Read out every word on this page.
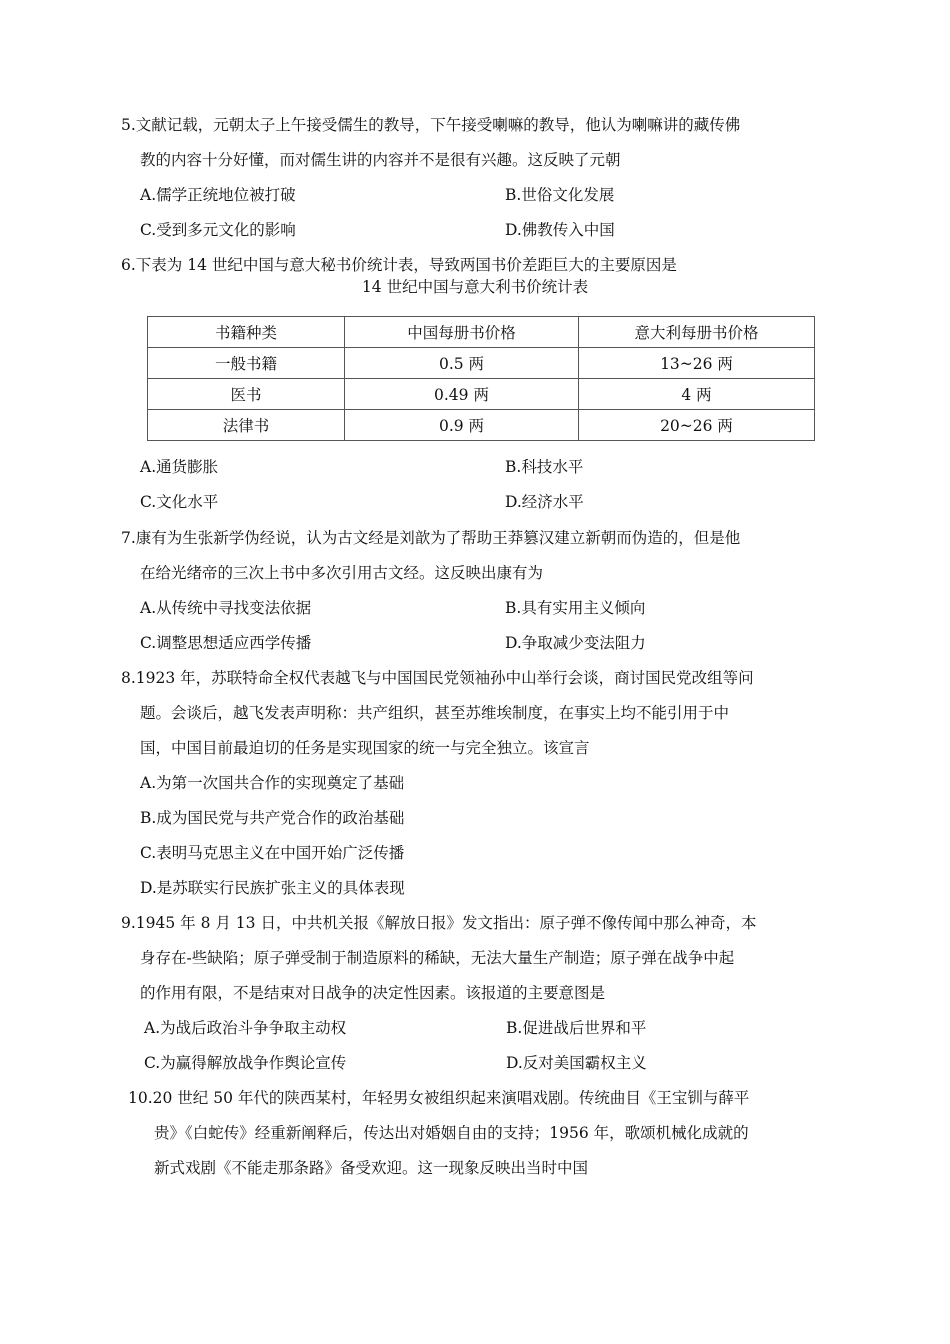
5.文献记载，元朝太子上午接受儒生的教导，下午接受喇嘛的教导，他认为喇嘛讲的藏传佛
教的内容十分好懂，而对儒生讲的内容并不是很有兴趣。这反映了元朝
A.儒学正统地位被打破	B.世俗文化发展
C.受到多元文化的影响	D.佛教传入中国
6.下表为 14 世纪中国与意大秘书价统计表，导致两国书价差距巨大的主要原因是
14 世纪中国与意大利书价统计表
书籍种类	中国每册书价格	意大利每册书价格
一般书籍	0.5 两	13~26 两
医书	0.49 两	4 两
法律书	0.9 两	20~26 两
A.通货膨胀	B.科技水平
C.文化水平	D.经济水平
7.康有为生张新学伪经说，认为古文经是刘歆为了帮助王莽篡汉建立新朝而伪造的，但是他
在给光绪帝的三次上书中多次引用古文经。这反映出康有为
A.从传统中寻找变法依据	B.具有实用主义倾向
C.调整思想适应西学传播	D.争取减少变法阻力
8.1923 年，苏联特命全权代表越飞与中国国民党领袖孙中山举行会谈，商讨国民党改组等问
题。会谈后，越飞发表声明称：共产组织，甚至苏维埃制度，在事实上均不能引用于中
国，中国目前最迫切的任务是实现国家的统一与完全独立。该宣言
A.为第一次国共合作的实现奠定了基础
B.成为国民党与共产党合作的政治基础
C.表明马克思主义在中国开始广泛传播
D.是苏联实行民族扩张主义的具体表现
9.1945 年 8 月 13 日，中共机关报《解放日报》发文指出：原子弹不像传闻中那么神奇，本
身存在-些缺陷；原子弹受制于制造原料的稀缺，无法大量生产制造；原子弹在战争中起
的作用有限，不是结束对日战争的决定性因素。该报道的主要意图是
A.为战后政治斗争争取主动权	B.促进战后世界和平
C.为赢得解放战争作舆论宣传	D.反对美国霸权主义
10.20 世纪 50 年代的陕西某村，年轻男女被组织起来演唱戏剧。传统曲目《王宝钏与薛平
贵》《白蛇传》经重新阐释后，传达出对婚姻自由的支持；1956 年，歌颂机械化成就的
新式戏剧《不能走那条路》备受欢迎。这一现象反映出当时中国
